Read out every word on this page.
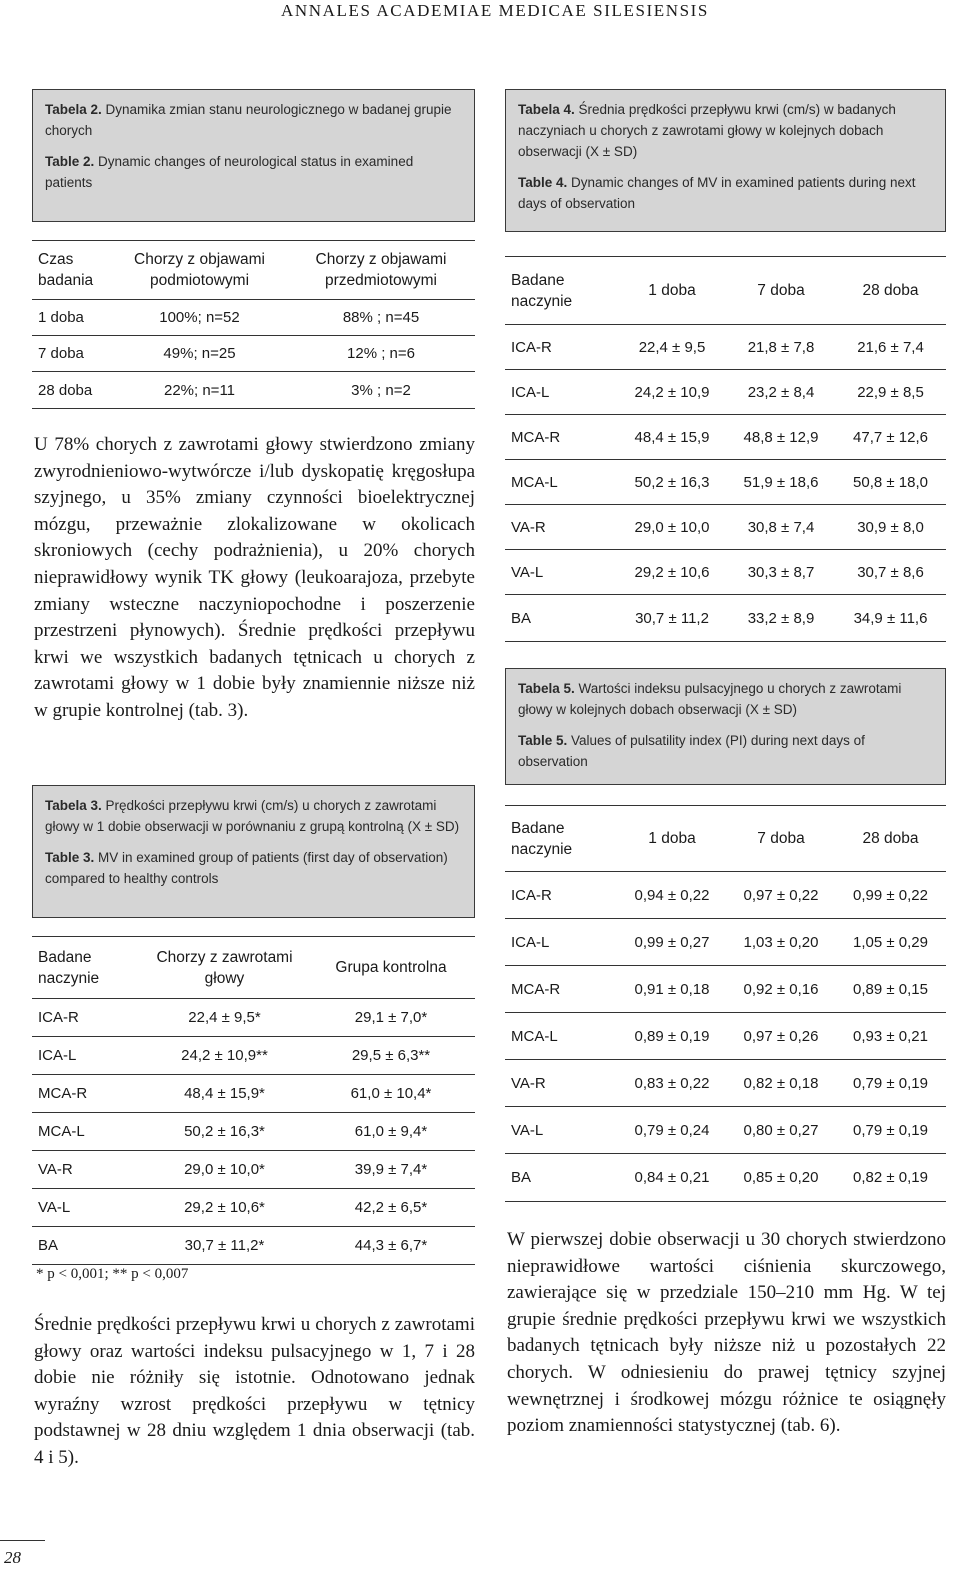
ANNALES ACADEMIAE MEDICAE SILESIENSIS

Tabela 2. Dynamika zmian stanu neurologicznego w badanej grupie chorych

Table 2. Dynamic changes of neurological status in examined patients

Czas badania	Chorzy z objawami podmiotowymi	Chorzy z objawami przedmiotowymi
1 doba	100%; n=52	88% ; n=45
7 doba	49%; n=25	12% ; n=6
28 doba	22%; n=11	3% ; n=2
U 78% chorych z zawrotami głowy stwierdzono zmiany zwyrodnieniowo-wytwórcze i/lub dyskopatię kręgosłupa szyjnego, u 35% zmiany czynności bioelektrycznej mózgu, przeważnie zlokalizowane w okolicach skroniowych (cechy podrażnienia), u 20% chorych nieprawidłowy wynik TK głowy (leukoarajoza, przebyte zmiany wsteczne naczyniopochodne i poszerzenie przestrzeni płynowych). Średnie prędkości przepływu krwi we wszystkich badanych tętnicach u chorych z zawrotami głowy w 1 dobie były znamiennie niższe niż w grupie kontrolnej (tab. 3).

Tabela 3. Prędkości przepływu krwi (cm/s) u chorych z zawrotami głowy w 1 dobie obserwacji w porównaniu z grupą kontrolną (X ± SD)

Table 3. MV in examined group of patients (first day of observation) compared to healthy controls

Badane naczynie	Chorzy z zawrotami głowy	Grupa kontrolna
ICA-R	22,4 ± 9,5*	29,1 ± 7,0*
ICA-L	24,2 ± 10,9**	29,5 ± 6,3**
MCA-R	48,4 ± 15,9*	61,0 ± 10,4*
MCA-L	50,2 ± 16,3*	61,0 ± 9,4*
VA-R	29,0 ± 10,0*	39,9 ± 7,4*
VA-L	29,2 ± 10,6*	42,2 ± 6,5*
BA	30,7 ± 11,2*	44,3 ± 6,7*
* p < 0,001; ** p < 0,007
Średnie prędkości przepływu krwi u chorych z zawrotami głowy oraz wartości indeksu pulsacyjnego w 1, 7 i 28 dobie nie różniły się istotnie. Odnotowano jednak wyraźny wzrost prędkości przepływu w tętnicy podstawnej w 28 dniu względem 1 dnia obserwacji (tab. 4 i 5).

Tabela 4. Średnia prędkości przepływu krwi (cm/s) w badanych naczyniach u chorych z zawrotami głowy w kolejnych dobach obserwacji (X ± SD)

Table 4. Dynamic changes of MV in examined patients during next days of observation

Badane naczynie	1 doba	7 doba	28 doba
ICA-R	22,4 ± 9,5	21,8 ± 7,8	21,6 ± 7,4
ICA-L	24,2 ± 10,9	23,2 ± 8,4	22,9 ± 8,5
MCA-R	48,4 ± 15,9	48,8 ± 12,9	47,7 ± 12,6
MCA-L	50,2 ± 16,3	51,9 ± 18,6	50,8 ± 18,0
VA-R	29,0 ± 10,0	30,8 ± 7,4	30,9 ± 8,0
VA-L	29,2 ± 10,6	30,3 ± 8,7	30,7 ± 8,6
BA	30,7 ± 11,2	33,2 ± 8,9	34,9 ± 11,6

Tabela 5. Wartości indeksu pulsacyjnego u chorych z zawrotami głowy w kolejnych dobach obserwacji (X ± SD)

Table 5. Values of pulsatility index (PI) during next days of observation

Badane naczynie	1 doba	7 doba	28 doba
ICA-R	0,94 ± 0,22	0,97 ± 0,22	0,99 ± 0,22
ICA-L	0,99 ± 0,27	1,03 ± 0,20	1,05 ± 0,29
MCA-R	0,91 ± 0,18	0,92 ± 0,16	0,89 ± 0,15
MCA-L	0,89 ± 0,19	0,97 ± 0,26	0,93 ± 0,21
VA-R	0,83 ± 0,22	0,82 ± 0,18	0,79 ± 0,19
VA-L	0,79 ± 0,24	0,80 ± 0,27	0,79 ± 0,19
BA	0,84 ± 0,21	0,85 ± 0,20	0,82 ± 0,19
W pierwszej dobie obserwacji u 30 chorych stwierdzono nieprawidłowe wartości ciśnienia skurczowego, zawierające się w przedziale 150–210 mm Hg. W tej grupie średnie prędkości przepływu krwi we wszystkich badanych tętnicach były niższe niż u pozostałych 22 chorych. W odniesieniu do prawej tętnicy szyjnej wewnętrznej i środkowej mózgu różnice te osiągnęły poziom znamienności statystycznej (tab. 6).
28
